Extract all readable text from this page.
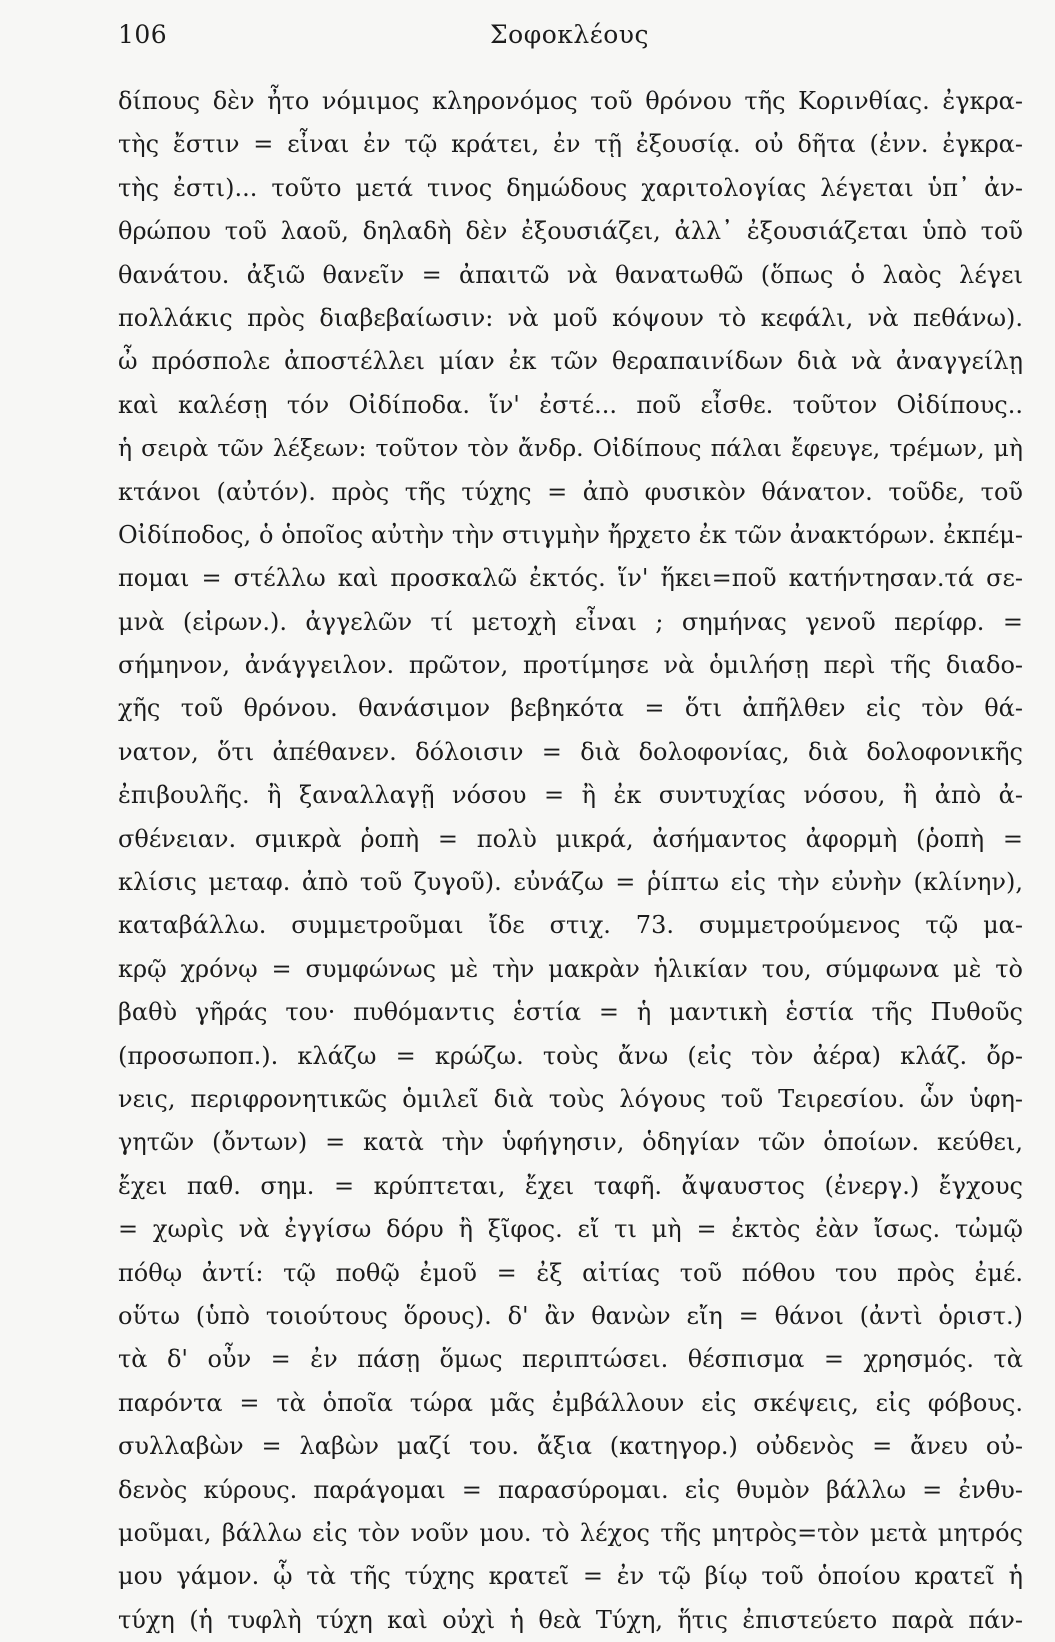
106	Σοφοκλέους
δίπους δὲν ἦτο νόμιμος κληρονόμος τοῦ θρόνου τῆς Κορινθίας. ἐγκρα-
τὴς ἔστιν = εἶναι ἐν τῷ κράτει, ἐν τῇ ἐξουσίᾳ. οὐ δῆτα (ἐνν. ἐγκρα-
τὴς ἐστι)... τοῦτο μετά τινος δημώδους χαριτολογίας λέγεται ὑπ᾽ ἀν-
θρώπου τοῦ λαοῦ, δηλαδὴ δὲν ἐξουσιάζει, ἀλλ᾽ ἐξουσιάζεται ὑπὸ τοῦ
θανάτου. ἀξιῶ θανεῖν = ἀπαιτῶ νὰ θανατωθῶ (ὅπως ὁ λαὸς λέγει
πολλάκις πρὸς διαβεβαίωσιν: νὰ μοῦ κόψουν τὸ κεφάλι, νὰ πεθάνω).
ὦ πρόσπολε ἀποστέλλει μίαν ἐκ τῶν θεραπαινίδων διὰ νὰ ἀναγγείλῃ
καὶ καλέσῃ τόν Οἰδίποδα. ἵν' ἐστέ... ποῦ εἶσθε. τοῦτον Οἰδίπους..
ἡ σειρὰ τῶν λέξεων: τοῦτον τὸν ἄνδρ. Οἰδίπους πάλαι ἔφευγε, τρέμων, μὴ
κτάνοι (αὐτόν). πρὸς τῆς τύχης = ἀπὸ φυσικὸν θάνατον. τοῦδε, τοῦ
Οἰδίποδος, ὁ ὁποῖος αὐτὴν τὴν στιγμὴν ἤρχετο ἐκ τῶν ἀνακτόρων. ἐκπέμ-
πομαι = στέλλω καὶ προσκαλῶ ἐκτός. ἵν' ἥκει=ποῦ κατήντησαν.τά σε-
μνὰ (εἰρων.). ἀγγελῶν τί μετοχὴ εἶναι ; σημήνας γενοῦ περίφρ. =
σήμηνον, ἀνάγγειλον. πρῶτον, προτίμησε νὰ ὁμιλήσῃ περὶ τῆς διαδο-
χῆς τοῦ θρόνου. θανάσιμον βεβηκότα = ὅτι ἀπῆλθεν εἰς τὸν θά-
νατον, ὅτι ἀπέθανεν. δόλοισιν = διὰ δολοφονίας, διὰ δολοφονικῆς
ἐπιβουλῆς. ἢ ξαναλλαγῇ νόσου = ἢ ἐκ συντυχίας νόσου, ἢ ἀπὸ ἀ-
σθένειαν. σμικρὰ ῥοπὴ = πολὺ μικρά, ἀσήμαντος ἀφορμὴ (ῥοπὴ =
κλίσις μεταφ. ἀπὸ τοῦ ζυγοῦ). εὐνάζω = ῥίπτω εἰς τὴν εὐνὴν (κλίνην),
καταβάλλω. συμμετροῦμαι ἴδε στιχ. 73. συμμετρούμενος τῷ μα-
κρῷ χρόνῳ = συμφώνως μὲ τὴν μακρὰν ἡλικίαν του, σύμφωνα μὲ τὸ
βαθὺ γῆράς του· πυθόμαντις ἑστία = ἡ μαντικὴ ἑστία τῆς Πυθοῦς
(προσωποπ.). κλάζω = κρώζω. τοὺς ἄνω (εἰς τὸν ἀέρα) κλάζ. ὄρ-
νεις, περιφρονητικῶς ὁμιλεῖ διὰ τοὺς λόγους τοῦ Τειρεσίου. ὧν ὑφη-
γητῶν (ὄντων) = κατὰ τὴν ὑφήγησιν, ὁδηγίαν τῶν ὁποίων. κεύθει,
ἔχει παθ. σημ. = κρύπτεται, ἔχει ταφῆ. ἄψαυστος (ἐνεργ.) ἔγχους
= χωρὶς νὰ ἐγγίσω δόρυ ἢ ξῖφος. εἴ τι μὴ = ἐκτὸς ἐὰν ἴσως. τὠμῷ
πόθῳ ἀντί: τῷ ποθῷ ἐμοῦ = ἐξ αἰτίας τοῦ πόθου του πρὸς ἐμέ.
οὕτω (ὑπὸ τοιούτους ὅρους). δ' ἂν θανὼν εἴη = θάνοι (ἀντὶ ὁριστ.)
τὰ δ' οὖν = ἐν πάσῃ ὅμως περιπτώσει. θέσπισμα = χρησμός. τὰ
παρόντα = τὰ ὁποῖα τώρα μᾶς ἐμβάλλουν εἰς σκέψεις, εἰς φόβους.
συλλαβὼν = λαβὼν μαζί του. ἄξια (κατηγορ.) οὐδενὸς = ἄνευ οὐ-
δενὸς κύρους. παράγομαι = παρασύρομαι. εἰς θυμὸν βάλλω = ἐνθυ-
μοῦμαι, βάλλω εἰς τὸν νοῦν μου. τὸ λέχος τῆς μητρὸς=τὸν μετὰ μητρός
μου γάμον. ᾧ τὰ τῆς τύχης κρατεῖ = ἐν τῷ βίῳ τοῦ ὁποίου κρατεῖ ἡ
τύχη (ἡ τυφλὴ τύχη καὶ οὐχὶ ἡ θεὰ Τύχη, ἥτις ἐπιστεύετο παρὰ πάν-
